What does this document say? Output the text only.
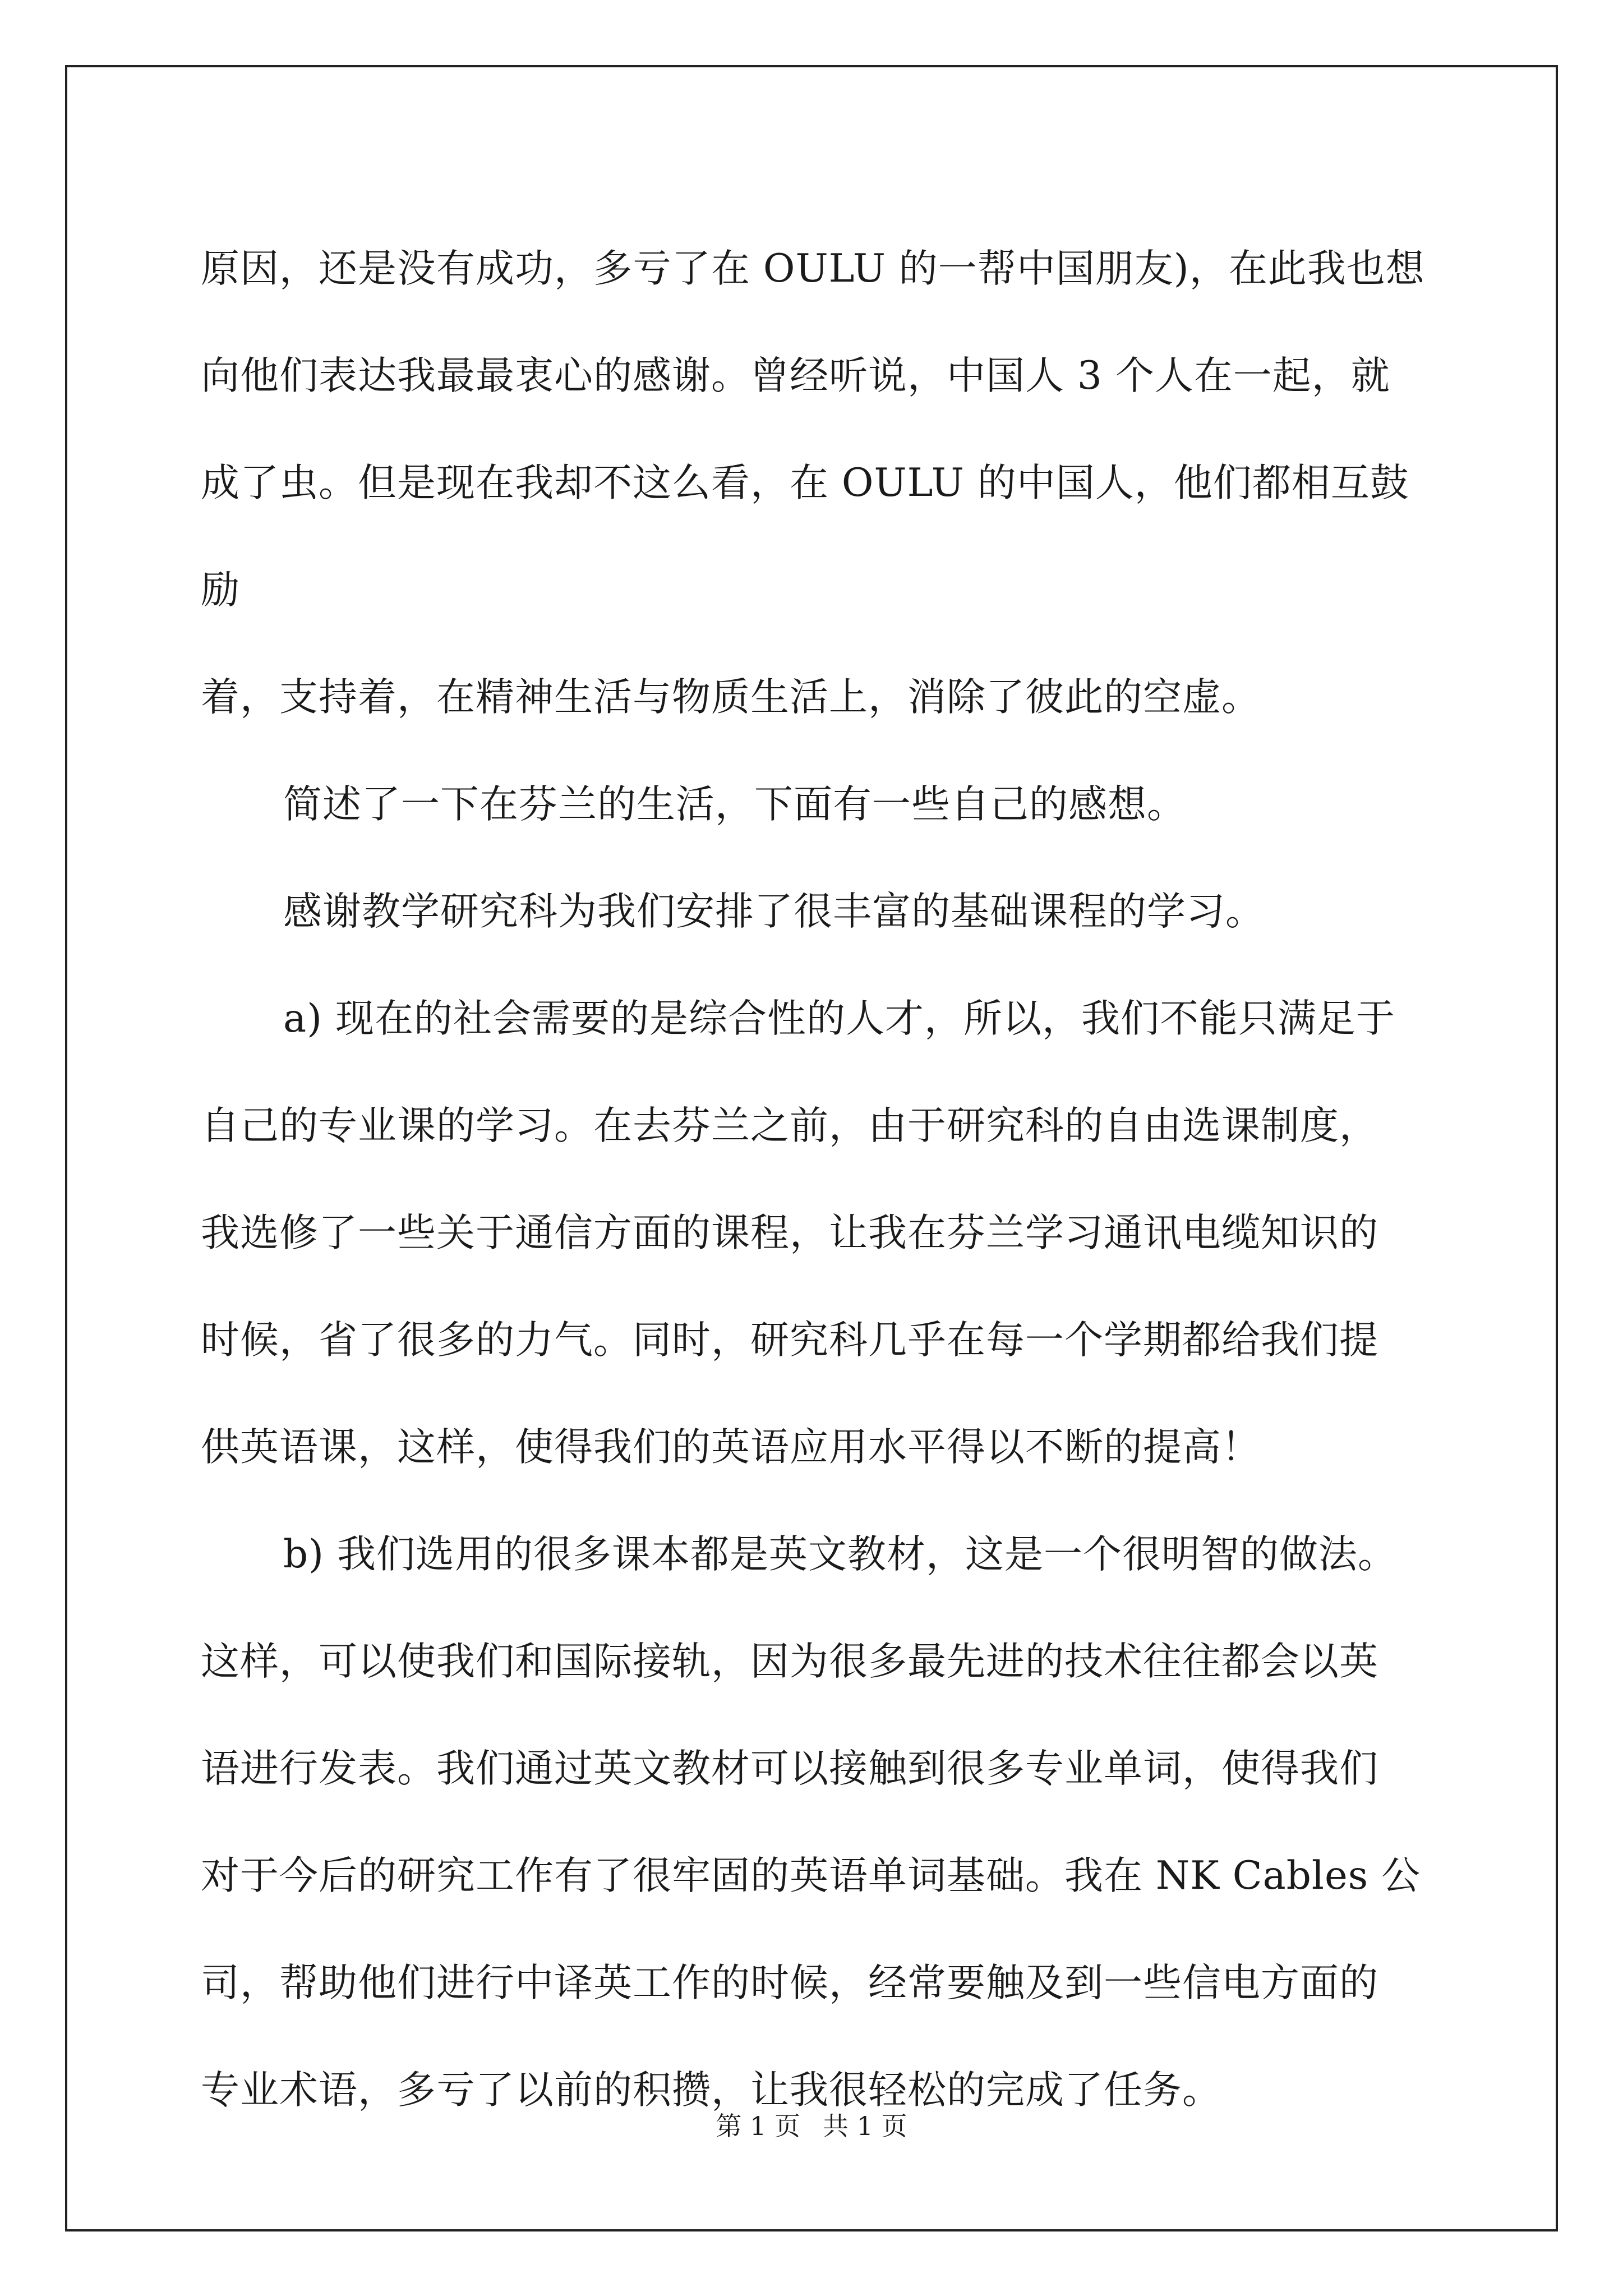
原因，还是没有成功，多亏了在 OULU 的一帮中国朋友)，在此我也想
向他们表达我最最衷心的感谢。曾经听说，中国人 3 个人在一起，就
成了虫。但是现在我却不这么看，在 OULU 的中国人，他们都相互鼓励
着，支持着，在精神生活与物质生活上，消除了彼此的空虚。

简述了一下在芬兰的生活，下面有一些自己的感想。

感谢教学研究科为我们安排了很丰富的基础课程的学习。

a) 现在的社会需要的是综合性的人才，所以，我们不能只满足于
自己的专业课的学习。在去芬兰之前，由于研究科的自由选课制度，
我选修了一些关于通信方面的课程，让我在芬兰学习通讯电缆知识的
时候，省了很多的力气。同时，研究科几乎在每一个学期都给我们提
供英语课，这样，使得我们的英语应用水平得以不断的提高！

b) 我们选用的很多课本都是英文教材，这是一个很明智的做法。
这样，可以使我们和国际接轨，因为很多最先进的技术往往都会以英
语进行发表。我们通过英文教材可以接触到很多专业单词，使得我们
对于今后的研究工作有了很牢固的英语单词基础。我在 NK Cables 公
司，帮助他们进行中译英工作的时候，经常要触及到一些信电方面的
专业术语，多亏了以前的积攒，让我很轻松的完成了任务。

第 1 页 共 1 页
